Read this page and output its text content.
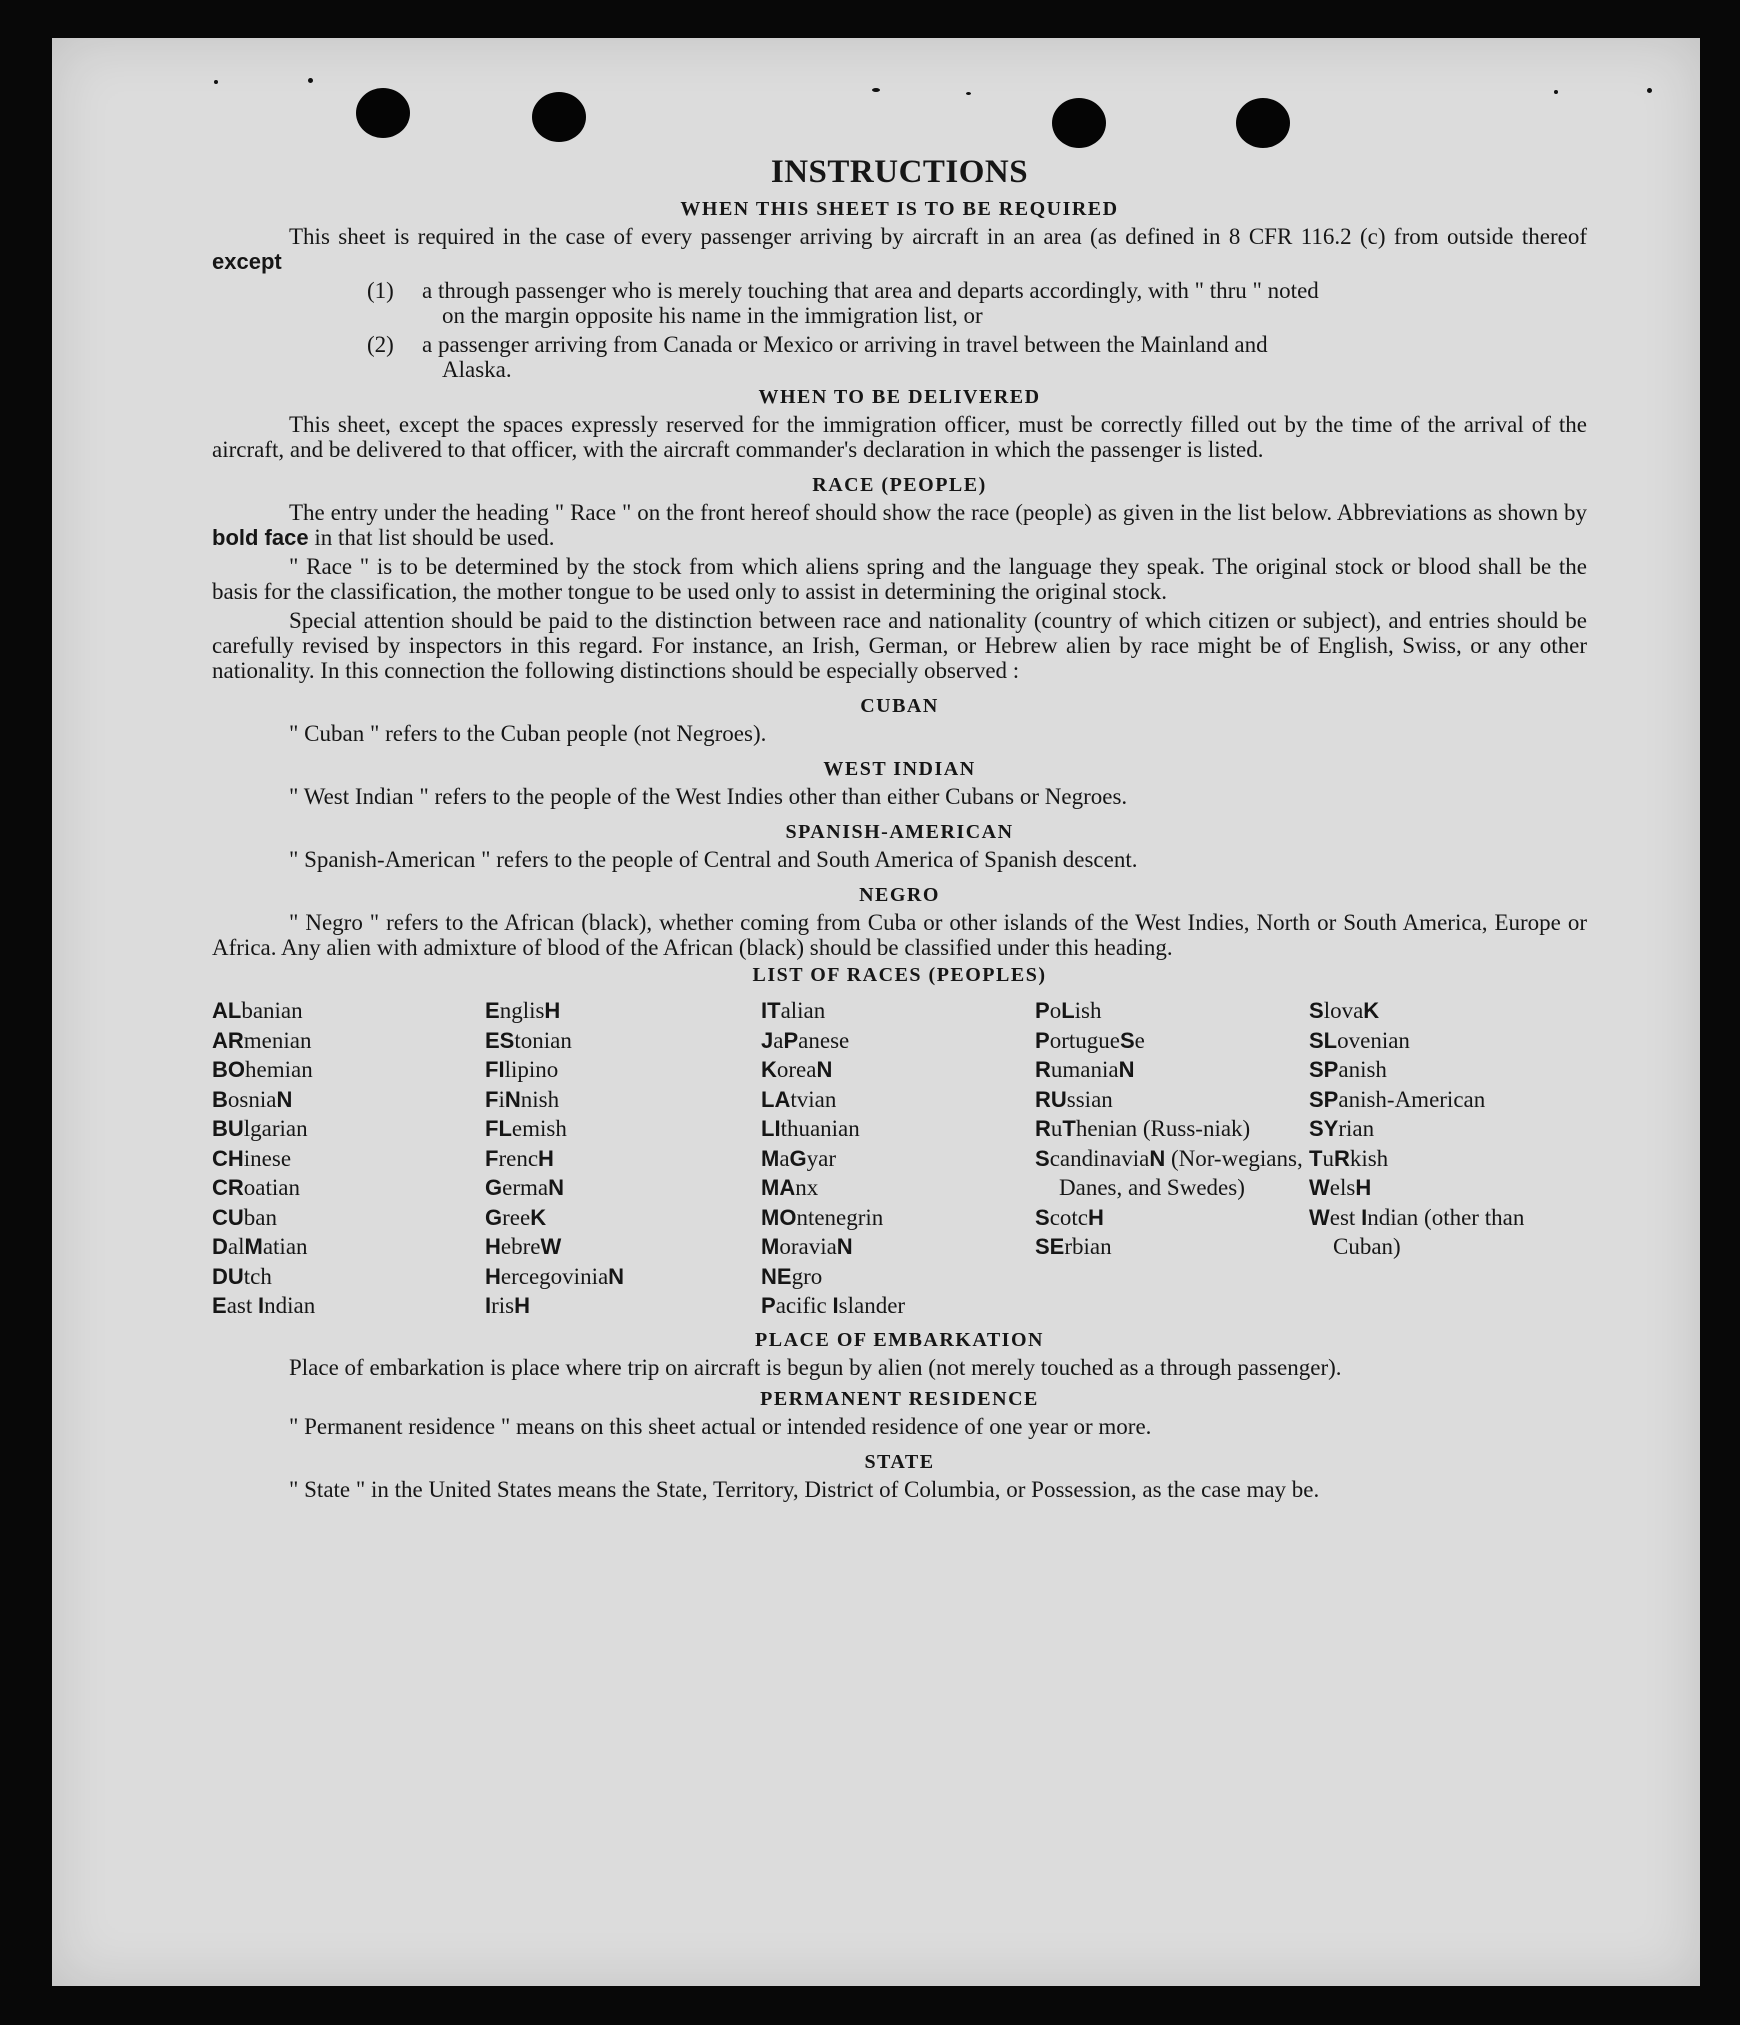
INSTRUCTIONS
WHEN THIS SHEET IS TO BE REQUIRED

This sheet is required in the case of every passenger arriving by aircraft in an area (as defined in 8 CFR 116.2 (c) from outside thereof except

(1)	a through passenger who is merely touching that area and departs accordingly, with " thru " noted
on the margin opposite his name in the immigration list, or
(2)	a passenger arriving from Canada or Mexico or arriving in travel between the Mainland and
Alaska.
WHEN TO BE DELIVERED

This sheet, except the spaces expressly reserved for the immigration officer, must be correctly filled out by the time of the arrival of the aircraft, and be delivered to that officer, with the aircraft commander's declaration in which the passenger is listed.

RACE (PEOPLE)

The entry under the heading " Race " on the front hereof should show the race (people) as given in the list below. Abbreviations as shown by bold face in that list should be used.

" Race " is to be determined by the stock from which aliens spring and the language they speak. The original stock or blood shall be the basis for the classification, the mother tongue to be used only to assist in determining the original stock.

Special attention should be paid to the distinction between race and nationality (country of which citizen or subject), and entries should be carefully revised by inspectors in this regard. For instance, an Irish, German, or Hebrew alien by race might be of English, Swiss, or any other nationality. In this connection the following distinctions should be especially observed :

CUBAN

" Cuban " refers to the Cuban people (not Negroes).

WEST INDIAN

" West Indian " refers to the people of the West Indies other than either Cubans or Negroes.

SPANISH-AMERICAN

" Spanish-American " refers to the people of Central and South America of Spanish descent.

NEGRO

" Negro " refers to the African (black), whether coming from Cuba or other islands of the West Indies, North or South America, Europe or Africa. Any alien with admixture of blood of the African (black) should be classified under this heading.

LIST OF RACES (PEOPLES)
ALbanian
ARmenian
BOhemian
BosniaN
BUlgarian
CHinese
CRoatian
CUban
DalMatian
DUtch
East Indian
EnglisH
EStonian
FIlipino
FiNnish
FLemish
FrencH
GermaN
GreeK
HebreW
HercegoviniaN
IrisH
ITalian
JaPanese
KoreaN
LAtvian
LIthuanian
MaGyar
MAnx
MOntenegrin
MoraviaN
NEgro
Pacific Islander
PoLish
PortugueSe
RumaniaN
RUssian
RuThenian (Russ-niak)
ScandinaviaN (Nor-wegians, Danes, and Swedes)
ScotcH
SErbian
SlovaK
SLovenian
SPanish
SPanish-American
SYrian
TuRkish
WelsH
West Indian (other than Cuban)
PLACE OF EMBARKATION

Place of embarkation is place where trip on aircraft is begun by alien (not merely touched as a through passenger).

PERMANENT RESIDENCE

" Permanent residence " means on this sheet actual or intended residence of one year or more.

STATE

" State " in the United States means the State, Territory, District of Columbia, or Possession, as the case may be.
